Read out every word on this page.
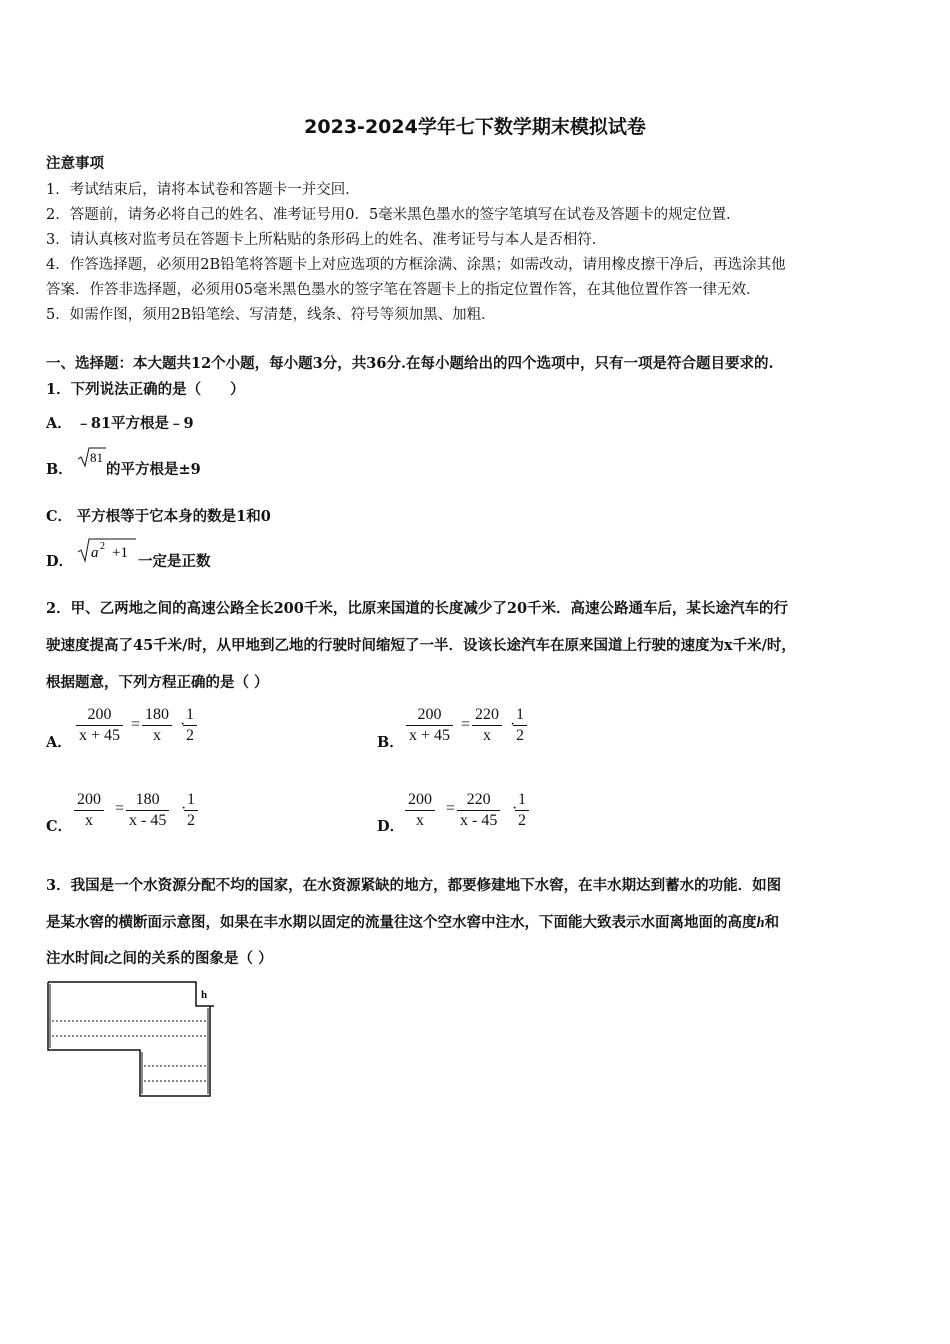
2023-2024学年七下数学期末模拟试卷
注意事项
1．考试结束后，请将本试卷和答题卡一并交回．
2．答题前，请务必将自己的姓名、准考证号用0．5毫米黑色墨水的签字笔填写在试卷及答题卡的规定位置．
3．请认真核对监考员在答题卡上所粘贴的条形码上的姓名、准考证号与本人是否相符．
4．作答选择题，必须用2B铅笔将答题卡上对应选项的方框涂满、涂黑；如需改动，请用橡皮擦干净后，再选涂其他
答案．作答非选择题，必须用05毫米黑色墨水的签字笔在答题卡上的指定位置作答，在其他位置作答一律无效．
5．如需作图，须用2B铅笔绘、写清楚，线条、符号等须加黑、加粗．
一、选择题：本大题共12个小题，每小题3分，共36分.在每小题给出的四个选项中，只有一项是符合题目要求的.
1．下列说法正确的是（　　）
A． ﹣81平方根是﹣9
B．
81
的平方根是±9
C． 平方根等于它本身的数是1和0
D． a 2 +1 一定是正数
2．甲、乙两地之间的高速公路全长200千米，比原来国道的长度减少了20千米．高速公路通车后，某长途汽车的行
驶速度提高了45千米/时，从甲地到乙地的行驶时间缩短了一半．设该长途汽车在原来国道上行驶的速度为x千米/时，
根据题意，下列方程正确的是（ ）
A． $\frac{200}{x + 45} = \frac{180}{x}$ ·
$\frac{1}{2}$	B． $\frac{200}{x + 45} = \frac{220}{x}$ ·
$\frac{1}{2}$
C． $\frac{200}{x} = \frac{180}{x - 45}$ ·
$\frac{1}{2}$	D． $\frac{200}{x} = \frac{220}{x - 45}$ ·
$\frac{1}{2}$
3．我国是一个水资源分配不均的国家，在水资源紧缺的地方，都要修建地下水窖，在丰水期达到蓄水的功能．如图
是某水窖的横断面示意图，如果在丰水期以固定的流量往这个空水窖中注水，下面能大致表示水面离地面的高度h和
注水时间t之间的关系的图象是（ ）
h
